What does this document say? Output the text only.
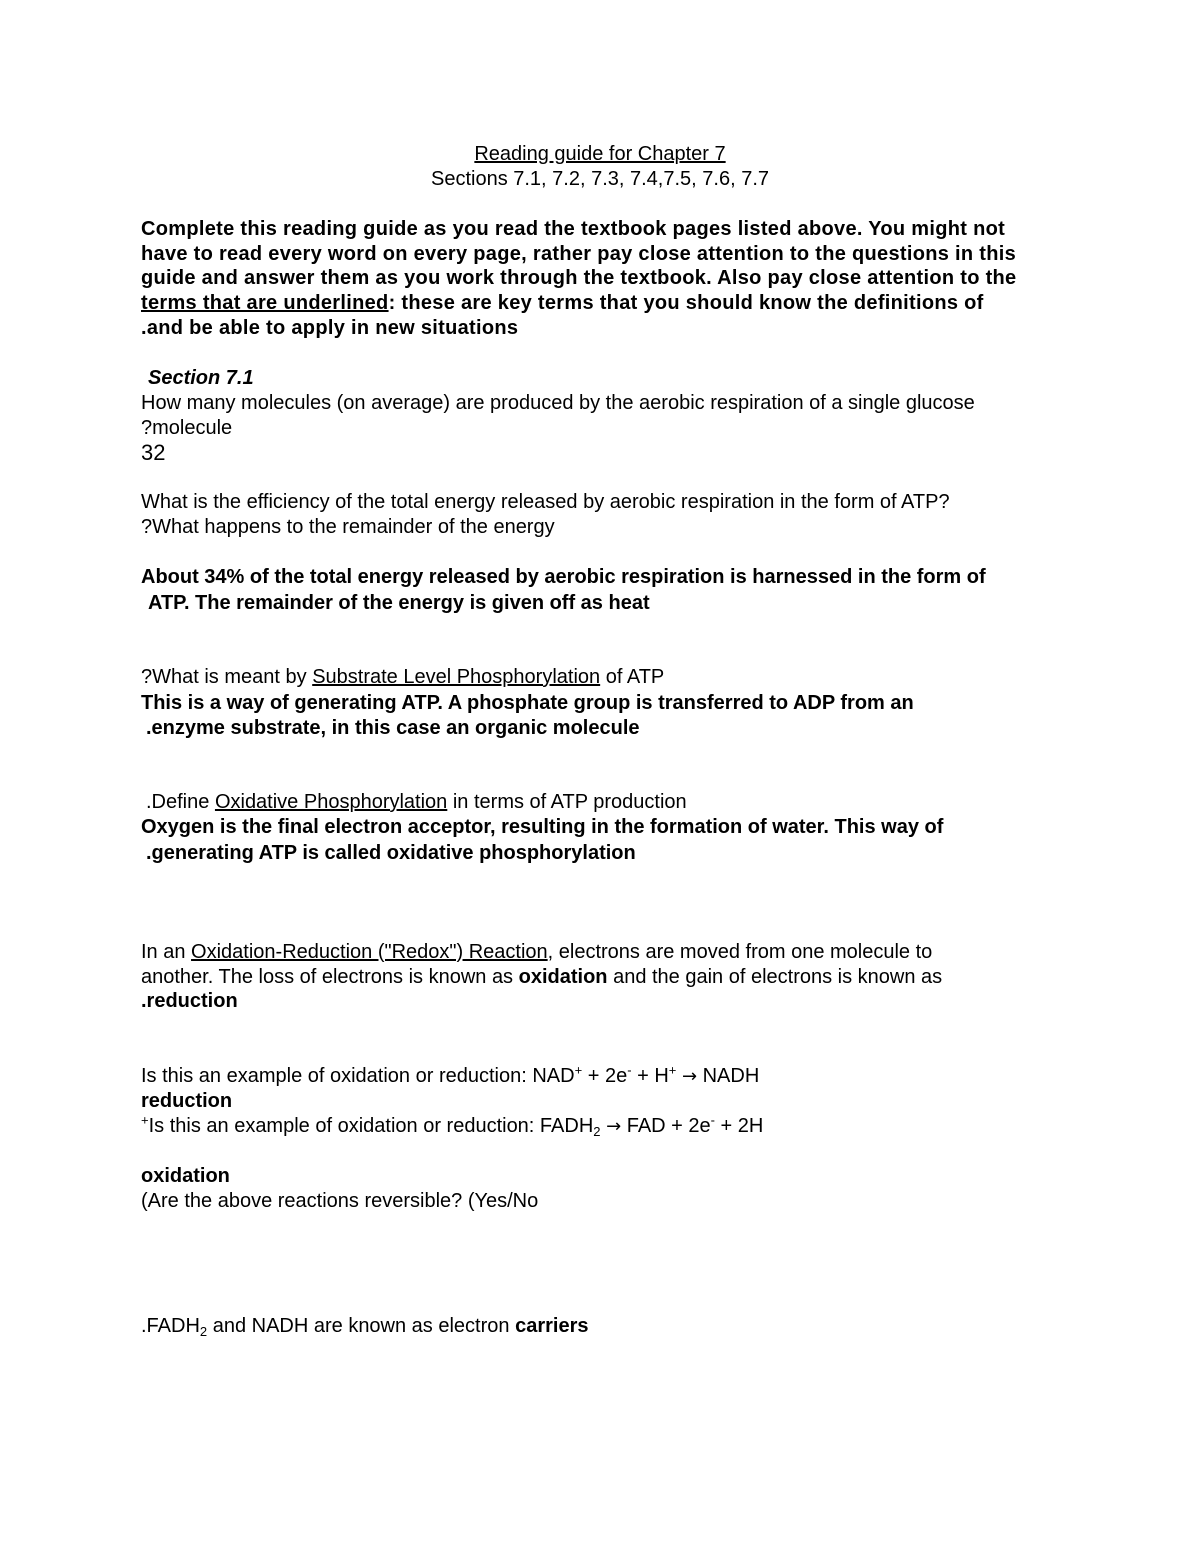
Reading guide for Chapter 7
Sections 7.1, 7.2, 7.3, 7.4,7.5, 7.6, 7.7
Complete this reading guide as you read the textbook pages listed above. You might not
have to read every word on every page, rather pay close attention to the questions in this
guide and answer them as you work through the textbook. Also pay close attention to the
terms that are underlined: these are key terms that you should know the definitions of
.and be able to apply in new situations
Section 7.1
How many molecules (on average) are produced by the aerobic respiration of a single glucose
?molecule
32
What is the efficiency of the total energy released by aerobic respiration in the form of ATP?
?What happens to the remainder of the energy
About 34% of the total energy released by aerobic respiration is harnessed in the form of
ATP. The remainder of the energy is given off as heat
?What is meant by Substrate Level Phosphorylation of ATP
This is a way of generating ATP. A phosphate group is transferred to ADP from an
.enzyme substrate, in this case an organic molecule
.Define Oxidative Phosphorylation in terms of ATP production
Oxygen is the final electron acceptor, resulting in the formation of water. This way of
.generating ATP is called oxidative phosphorylation
In an Oxidation-Reduction ("Redox") Reaction, electrons are moved from one molecule to
another. The loss of electrons is known as oxidation and the gain of electrons is known as
.reduction
Is this an example of oxidation or reduction: NAD+ + 2e- + H+ → NADH
reduction
+Is this an example of oxidation or reduction: $FADH_2$ → FAD + 2e- + 2H
oxidation
(Are the above reactions reversible? (Yes/No
$.FADH_2$ and NADH are known as electron carriers
